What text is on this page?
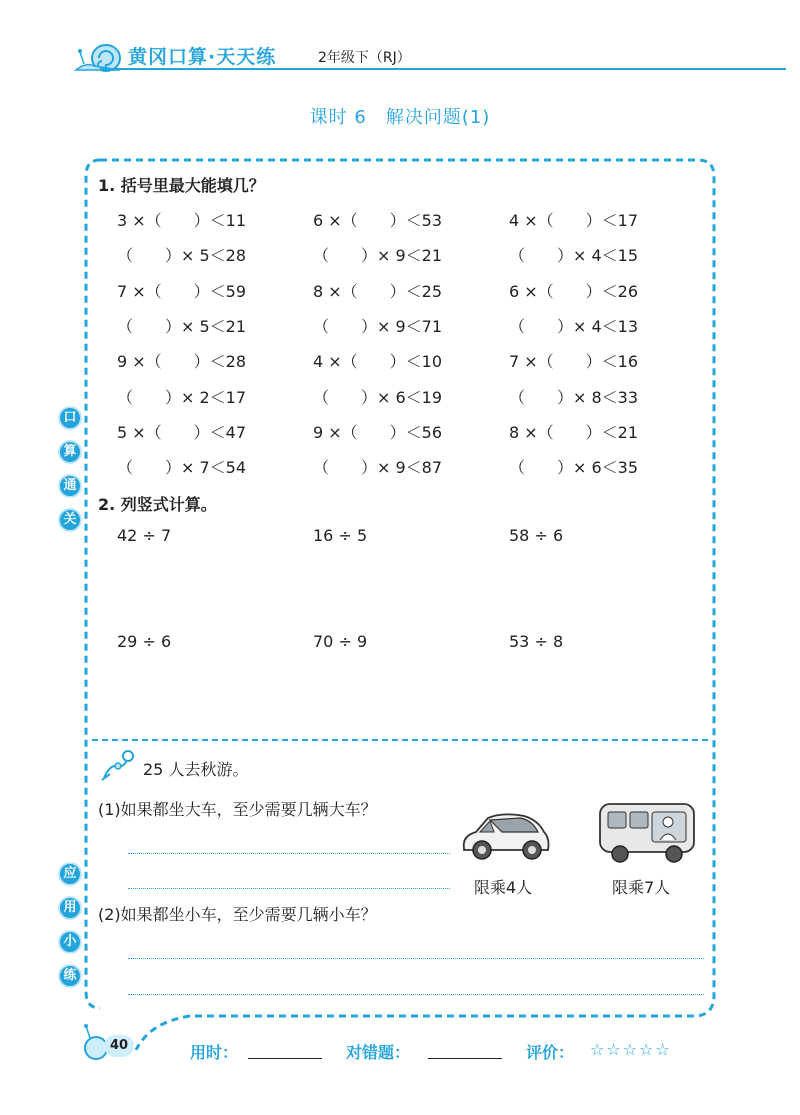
黄冈口算·天天练	2年级下（RJ）
课时 6　解决问题(1)
口
算
通
关
应
用
小
练
1. 括号里最大能填几？
3 ×（　　）＜11	6 ×（　　）＜53	4 ×（　　）＜17
（　　）× 5＜28	（　　）× 9＜21	（　　）× 4＜15
7 ×（　　）＜59	8 ×（　　）＜25	6 ×（　　）＜26
（　　）× 5＜21	（　　）× 9＜71	（　　）× 4＜13
9 ×（　　）＜28	4 ×（　　）＜10	7 ×（　　）＜16
（　　）× 2＜17	（　　）× 6＜19	（　　）× 8＜33
5 ×（　　）＜47	9 ×（　　）＜56	8 ×（　　）＜21
（　　）× 7＜54	（　　）× 9＜87	（　　）× 6＜35
2. 列竖式计算。
42 ÷ 7	16 ÷ 5	58 ÷ 6
29 ÷ 6	70 ÷ 9	53 ÷ 8
25 人去秋游。
(1)如果都坐大车，至少需要几辆大车？
限乘4人	限乘7人
(2)如果都坐小车，至少需要几辆小车？
40	用时：	对错题：	评价： ☆☆☆☆☆
